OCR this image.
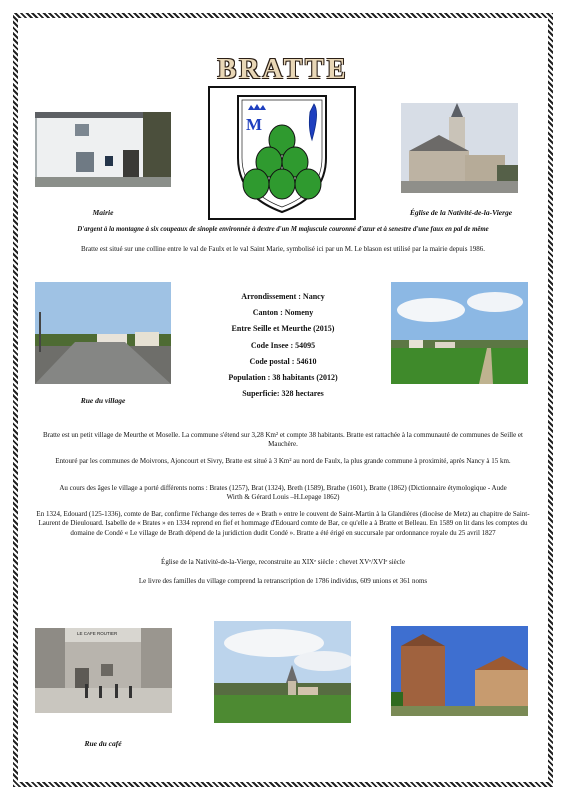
BRATTE
Mairie
M
Église de la Nativité-de-la-Vierge
D'argent à la montagne à six coupeaux de sinople environnée à dextre d'un M majuscule couronné d'azur et à senestre d'une faux en pal de même
Bratte est situé sur une colline entre le val de Faulx et le val Saint Marie, symbolisé ici par un M. Le blason est utilisé par la mairie depuis 1986.
Rue du village
Arrondissement : Nancy
Canton : Nomeny
Entre Seille et Meurthe (2015)
Code Insee : 54095
Code postal : 54610
Population : 38 habitants (2012)
Superficie: 328 hectares
Bratte est un petit village de Meurthe et Moselle. La commune s'étend sur 3,28 Km² et compte 38 habitants. Bratte est rattachée à la communauté de communes de Seille et Mauchère.
Entouré par les communes de Moivrons, Ajoncourt et Sivry, Bratte est situé à 3 Km² au nord de Faulx, la plus grande commune à proximité, après Nancy à 15 km.
Au cours des âges le village a porté différents noms : Brates (1257), Brat (1324), Breth (1589), Brathe (1601), Bratte (1862) (Dictionnaire étymologique - Aude Wirth & Gérard Louis –H.Lepage 1862)
En 1324, Edouard (125-1336), comte de Bar, confirme l'échange des terres de « Brath » entre le couvent de Saint-Martin à la Glandières (diocèse de Metz) au chapitre de Saint-Laurent de Dieulouard. Isabelle de « Brates » en 1334 reprend en fief et hommage d'Edouard comte de Bar, ce qu'elle a à Bratte et Belleau. En 1589 on lit dans les comptes du domaine de Condé « Le village de Brath dépend de la juridiction dudit Condé ». Bratte a été érigé en succursale par ordonnance royale du 25 avril 1827
Église de la Nativité-de-la-Vierge, reconstruite au XIXᵉ siècle : chevet XVᵉ/XVIᵉ siècle
Le livre des familles du village comprend la retranscription de 1786 individus, 609 unions et 361 noms
LE CAFE ROUTIER
Rue du café
